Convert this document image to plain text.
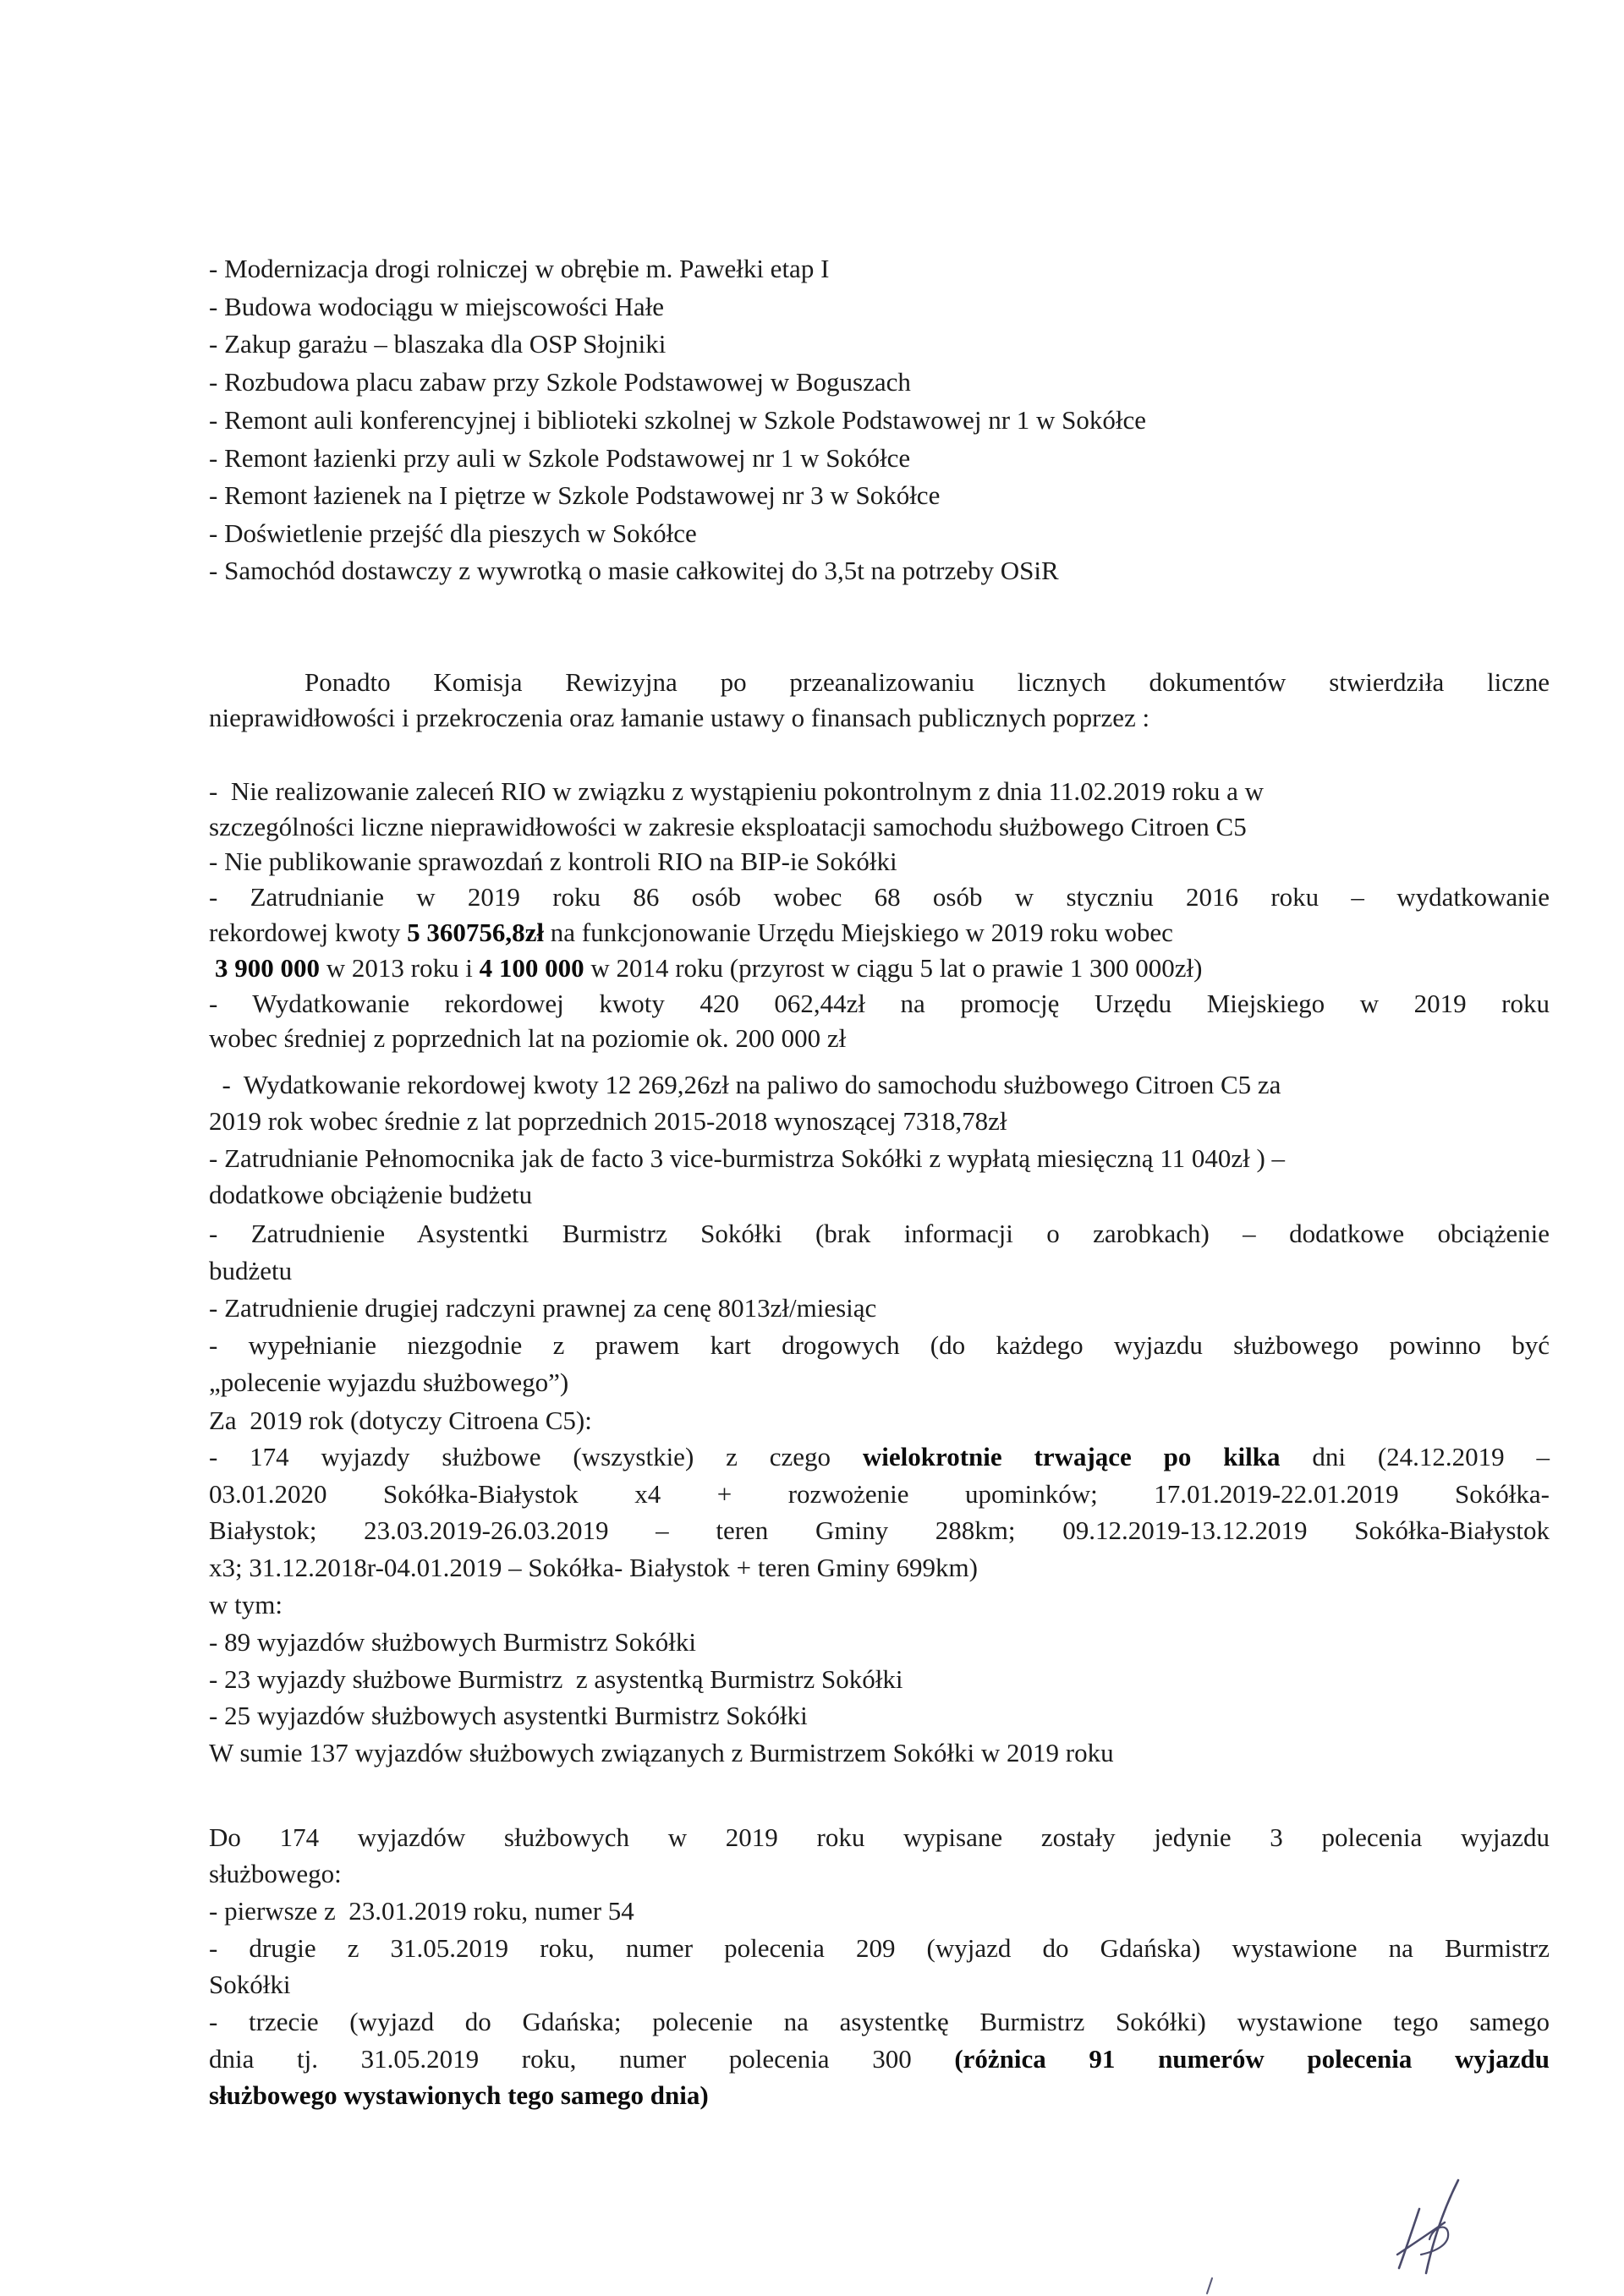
- Modernizacja drogi rolniczej w obrębie m. Pawełki etap I
- Budowa wodociągu w miejscowości Hałe
- Zakup garażu – blaszaka dla OSP Słojniki
- Rozbudowa placu zabaw przy Szkole Podstawowej w Boguszach
- Remont auli konferencyjnej i biblioteki szkolnej w Szkole Podstawowej nr 1 w Sokółce
- Remont łazienki przy auli w Szkole Podstawowej nr 1 w Sokółce
- Remont łazienek na I piętrze w Szkole Podstawowej nr 3 w Sokółce
- Doświetlenie przejść dla pieszych w Sokółce
- Samochód dostawczy z wywrotką o masie całkowitej do 3,5t na potrzeby OSiR
Ponadto Komisja Rewizyjna po przeanalizowaniu licznych dokumentów stwierdziła liczne
nieprawidłowości i przekroczenia oraz łamanie ustawy o finansach publicznych poprzez :
-  Nie realizowanie zaleceń RIO w związku z wystąpieniu pokontrolnym z dnia 11.02.2019 roku a w
szczególności liczne nieprawidłowości w zakresie eksploatacji samochodu służbowego Citroen C5
- Nie publikowanie sprawozdań z kontroli RIO na BIP-ie Sokółki
- Zatrudnianie w 2019 roku 86 osób wobec 68 osób w styczniu 2016 roku – wydatkowanie
rekordowej kwoty 5 360756,8zł na funkcjonowanie Urzędu Miejskiego w 2019 roku wobec
3 900 000 w 2013 roku i 4 100 000 w 2014 roku (przyrost w ciągu 5 lat o prawie 1 300 000zł)
- Wydatkowanie rekordowej kwoty 420 062,44zł na promocję Urzędu Miejskiego w 2019 roku
wobec średniej z poprzednich lat na poziomie ok. 200 000 zł
-  Wydatkowanie rekordowej kwoty 12 269,26zł na paliwo do samochodu służbowego Citroen C5 za
2019 rok wobec średnie z lat poprzednich 2015-2018 wynoszącej 7318,78zł
- Zatrudnianie Pełnomocnika jak de facto 3 vice-burmistrza Sokółki z wypłatą miesięczną 11 040zł ) –
dodatkowe obciążenie budżetu
- Zatrudnienie Asystentki Burmistrz Sokółki (brak informacji o zarobkach) – dodatkowe obciążenie
budżetu
- Zatrudnienie drugiej radczyni prawnej za cenę 8013zł/miesiąc
- wypełnianie niezgodnie z prawem kart drogowych (do każdego wyjazdu służbowego powinno być
„polecenie wyjazdu służbowego”)
Za  2019 rok (dotyczy Citroena C5):
- 174 wyjazdy służbowe (wszystkie) z czego wielokrotnie trwające po kilka dni (24.12.2019 –
03.01.2020 Sokółka-Białystok x4 + rozwożenie upominków; 17.01.2019-22.01.2019 Sokółka-
Białystok; 23.03.2019-26.03.2019 – teren Gminy 288km; 09.12.2019-13.12.2019 Sokółka-Białystok
x3; 31.12.2018r-04.01.2019 – Sokółka- Białystok + teren Gminy 699km)
w tym:
- 89 wyjazdów służbowych Burmistrz Sokółki
- 23 wyjazdy służbowe Burmistrz  z asystentką Burmistrz Sokółki
- 25 wyjazdów służbowych asystentki Burmistrz Sokółki
W sumie 137 wyjazdów służbowych związanych z Burmistrzem Sokółki w 2019 roku
Do 174 wyjazdów służbowych w 2019 roku wypisane zostały jedynie 3 polecenia wyjazdu
służbowego:
- pierwsze z  23.01.2019 roku, numer 54
- drugie z 31.05.2019 roku, numer polecenia 209 (wyjazd do Gdańska) wystawione na Burmistrz
Sokółki
- trzecie (wyjazd do Gdańska; polecenie na asystentkę Burmistrz Sokółki) wystawione tego samego
dnia tj. 31.05.2019 roku, numer polecenia 300 (różnica 91 numerów polecenia wyjazdu
służbowego wystawionych tego samego dnia)
